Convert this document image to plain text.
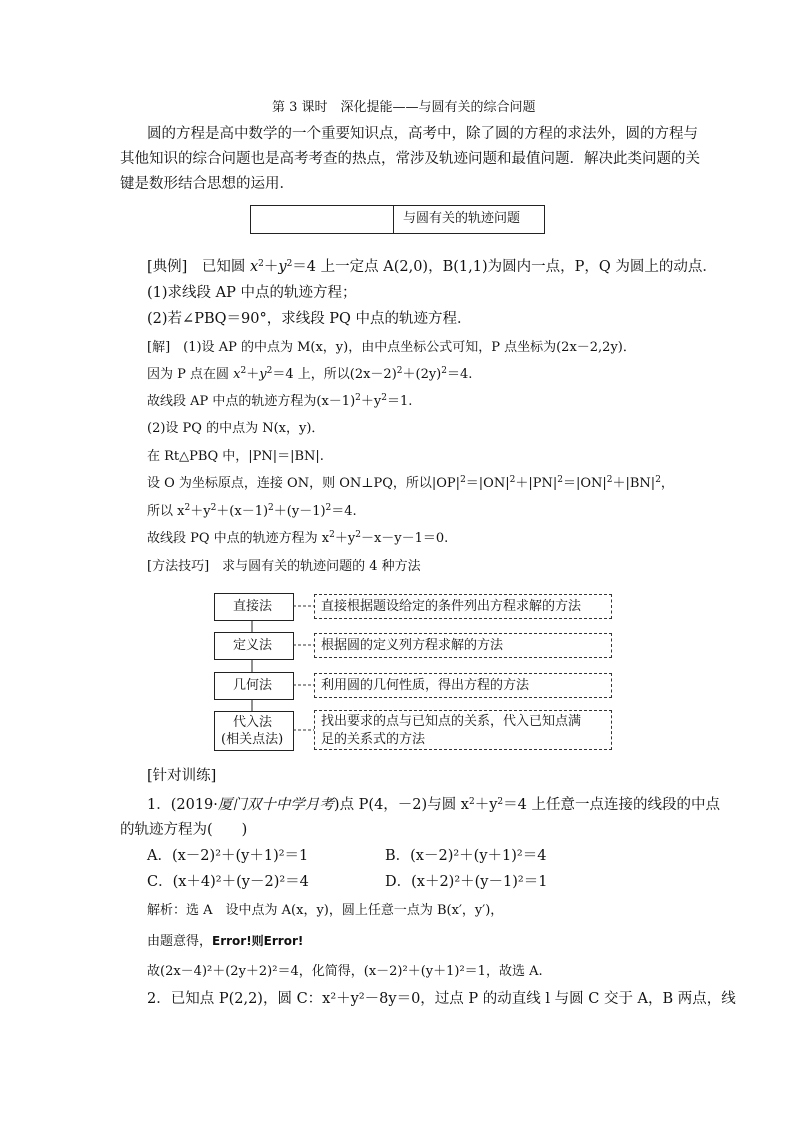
第 3 课时　深化提能——与圆有关的综合问题
圆的方程是高中数学的一个重要知识点，高考中，除了圆的方程的求法外，圆的方程与
其他知识的综合问题也是高考考查的热点，常涉及轨迹问题和最值问题．解决此类问题的关
键是数形结合思想的运用．
与圆有关的轨迹问题
[典例]　 已知圆 $x^2+y^2=4$ 上一定点 A(2,0)，B(1,1)为圆内一点，P，Q 为圆上的动点．
(1)求线段 AP 中点的轨迹方程；
(2)若∠PBQ＝90°，求线段 PQ 中点的轨迹方程．
[解]　(1)设 AP 的中点为 M(x，y)，由中点坐标公式可知，P 点坐标为(2x－2,2y)．
因为 P 点在圆 $x^2+y^2=4$ 上，所以$(2x-2)^2+(2y)^2=4$.
故线段 AP 中点的轨迹方程为$(x-1)^2+y^2=1$.
(2)设 PQ 的中点为 N(x，y)．
在 Rt△PBQ 中，|PN|＝|BN|.
设 O 为坐标原点，连接 ON，则 ON⊥PQ，所以$|OP|^2=|ON|^2+|PN|^2=|ON|^2+|BN|^2$，
所以 $x^2+y^2+(x-1)^2+(y-1)^2=4$.
故线段 PQ 中点的轨迹方程为 $x^2+y^2-x-y-1=0$.
[方法技巧]　求与圆有关的轨迹问题的 4 种方法
直接法
定义法
几何法
代入法
(相关点法)
直接根据题设给定的条件列出方程求解的方法
根据圆的定义列方程求解的方法
利用圆的几何性质，得出方程的方法
找出要求的点与已知点的关系，代入已知点满
足的关系式的方法
[针对训练]
1．(2019·厦门双十中学月考)点 P(4，－2)与圆 $x^2+y^2=4$ 上任意一点连接的线段的中点
的轨迹方程为(　　)
A．(x－2)²＋(y＋1)²＝1	B．(x－2)²＋(y＋1)²＝4
C．(x＋4)²＋(y－2)²＝4	D．(x＋2)²＋(y－1)²＝1
解析：选 A　设中点为 A(x，y)，圆上任意一点为 B(x′，y′)，
由题意得，Error!则Error!
故(2x－4)²＋(2y＋2)²＝4，化简得，(x－2)²＋(y＋1)²＝1，故选 A.
2．已知点 P(2,2)，圆 C：x²＋y²－8y＝0，过点 P 的动直线 l 与圆 C 交于 A，B 两点，线
